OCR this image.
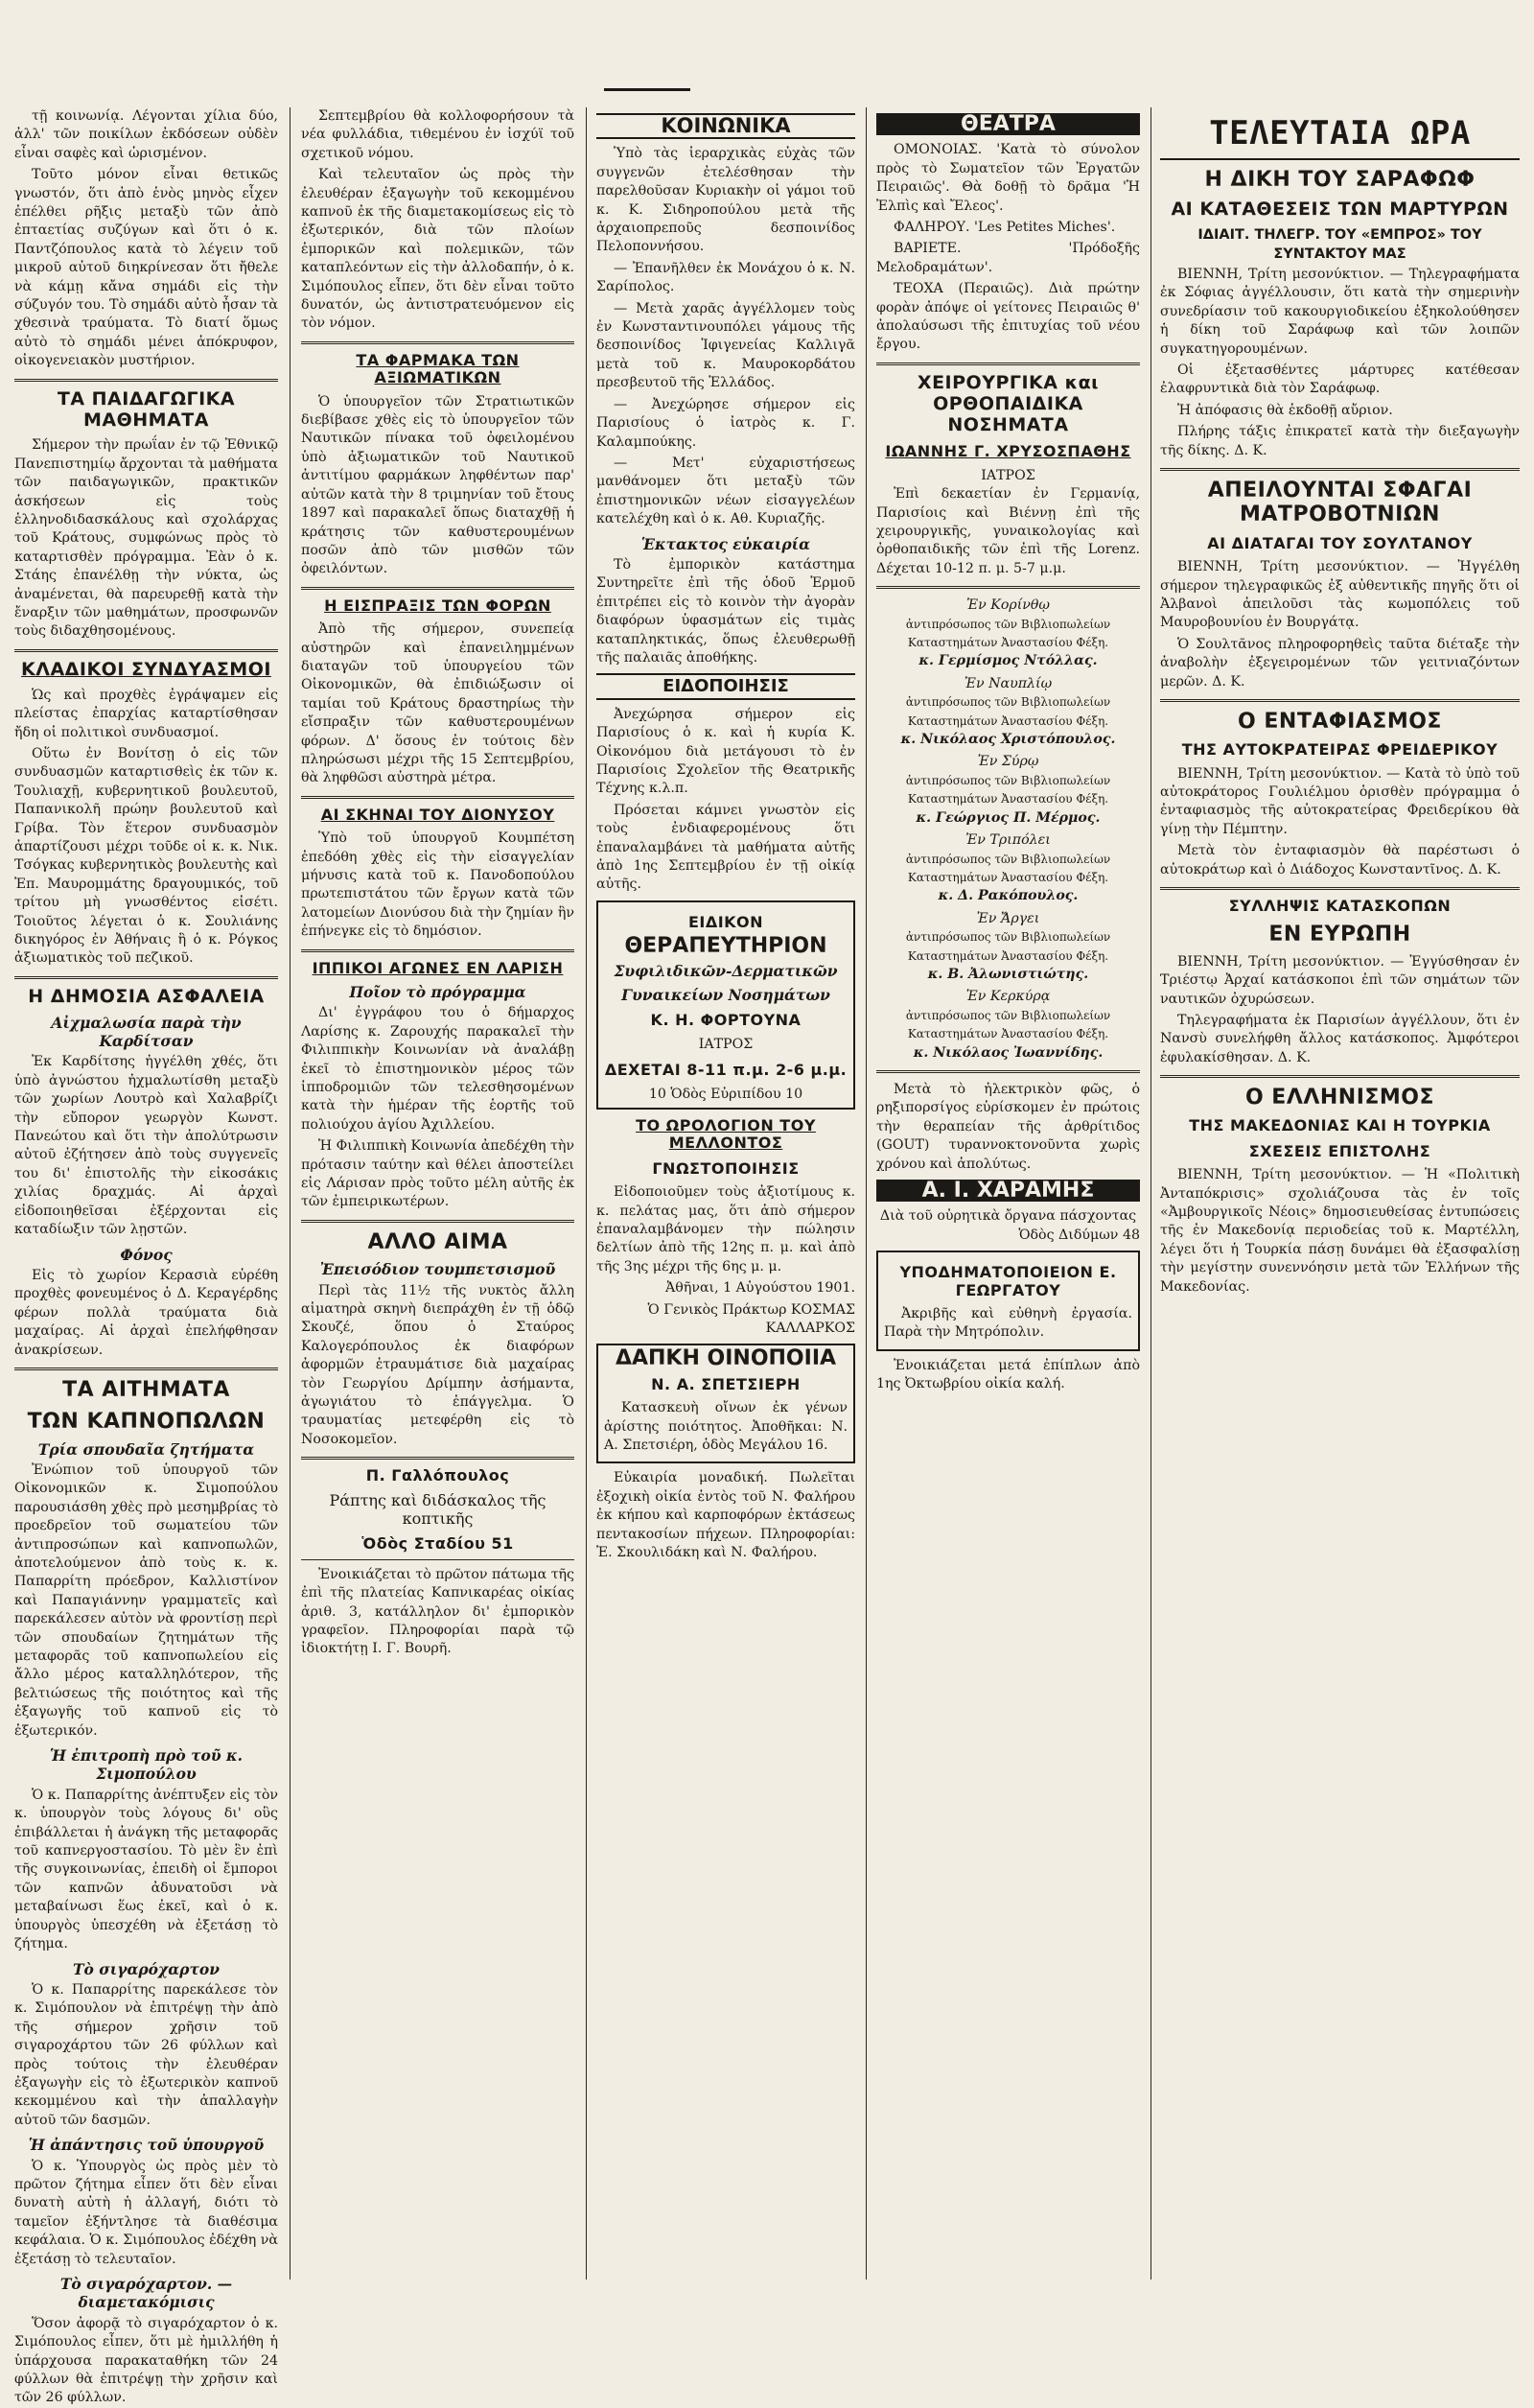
τῇ κοινωνίᾳ. Λέγονται χίλια δύο, ἀλλ' τῶν ποικίλων ἐκδόσεων οὐδὲν εἶναι σαφὲς καὶ ὡρισμένον.

Τοῦτο μόνον εἶναι θετικῶς γνωστόν, ὅτι ἀπὸ ἑνὸς μηνὸς εἶχεν ἐπέλθει ρῆξις μεταξὺ τῶν ἀπὸ ἐπταετίας συζύγων καὶ ὅτι ὁ κ. Παντζόπουλος κατὰ τὸ λέγειν τοῦ μικροῦ αὐτοῦ διηκρίνεσαν ὅτι ἤθελε νὰ κάμῃ κἄνα σημάδι εἰς τὴν σύζυγόν του. Τὸ σημάδι αὐτὸ ἦσαν τὰ χθεσινὰ τραύματα. Τὸ διατί ὅμως αὐτὸ τὸ σημάδι μένει ἀπόκρυφον, οἰκογενειακὸν μυστήριον.

ΤΑ ΠΑΙΔΑΓΩΓΙΚΑ ΜΑΘΗΜΑΤΑ

Σήμερον τὴν πρωΐαν ἐν τῷ Ἐθνικῷ Πανεπιστημίῳ ἄρχονται τὰ μαθήματα τῶν παιδαγωγικῶν, πρακτικῶν ἀσκήσεων εἰς τοὺς ἑλληνοδιδασκάλους καὶ σχολάρχας τοῦ Κράτους, συμφώνως πρὸς τὸ καταρτισθὲν πρόγραμμα. Ἐὰν ὁ κ. Στάης ἐπανέλθῃ τὴν νύκτα, ὡς ἀναμένεται, θὰ παρευρεθῇ κατὰ τὴν ἔναρξιν τῶν μαθημάτων, προσφωνῶν τοὺς διδαχθησομένους.

ΚΛΑΔΙΚΟΙ ΣΥΝΔΥΑΣΜΟΙ

Ὡς καὶ προχθὲς ἐγράψαμεν εἰς πλείστας ἐπαρχίας καταρτίσθησαν ἤδη οἱ πολιτικοὶ συνδυασμοί.

Οὕτω ἐν Βονίτσῃ ὁ εἰς τῶν συνδυασμῶν καταρτισθεὶς ἐκ τῶν κ. Τουλιαχῇ, κυβερνητικοῦ βουλευτοῦ, Παπανικολῆ πρώην βουλευτοῦ καὶ Γρίβα. Τὸν ἕτερον συνδυασμὸν ἀπαρτίζουσι μέχρι τοῦδε οἱ κ. κ. Νικ. Τσόγκας κυβερνητικὸς βουλευτὴς καὶ Ἐπ. Μαυρομμάτης δραγουμικός, τοῦ τρίτου μὴ γνωσθέντος εἰσέτι. Τοιοῦτος λέγεται ὁ κ. Σουλιάνης δικηγόρος ἐν Ἀθήναις ἢ ὁ κ. Ρόγκος ἀξιωματικὸς τοῦ πεζικοῦ.

Η ΔΗΜΟΣΙΑ ΑΣΦΑΛΕΙΑ
Αἰχμαλωσία παρὰ τὴν Καρδίτσαν

Ἐκ Καρδίτσης ἠγγέλθη χθές, ὅτι ὑπὸ ἀγνώστου ἠχμαλωτίσθη μεταξὺ τῶν χωρίων Λουτρὸ καὶ Χαλαβρίζι τὴν εὔπορον γεωργὸν Κωνστ. Πανεώτου καὶ ὅτι τὴν ἀπολύτρωσιν αὐτοῦ ἐζήτησεν ἀπὸ τοὺς συγγενεῖς του δι' ἐπιστολῆς τὴν εἰκοσάκις χιλίας δραχμάς. Αἱ ἀρχαὶ εἰδοποιηθεῖσαι ἐξέρχονται εἰς καταδίωξιν τῶν λῃστῶν.

Φόνος

Εἰς τὸ χωρίον Κερασιὰ εὑρέθη προχθὲς φονευμένος ὁ Δ. Κεραγέρδης φέρων πολλὰ τραύματα διὰ μαχαίρας. Αἱ ἀρχαὶ ἐπελήφθησαν ἀνακρίσεων.

ΤΑ ΑΙΤΗΜΑΤΑ
ΤΩΝ ΚΑΠΝΟΠΩΛΩΝ
Τρία σπουδαῖα ζητήματα

Ἐνώπιον τοῦ ὑπουργοῦ τῶν Οἰκονομικῶν κ. Σιμοπούλου παρουσιάσθη χθὲς πρὸ μεσημβρίας τὸ προεδρεῖον τοῦ σωματείου τῶν ἀντιπροσώπων καὶ καπνοπωλῶν, ἀποτελούμενον ἀπὸ τοὺς κ. κ. Παπαρρίτη πρόεδρον, Καλλιστίνον καὶ Παπαγιάννην γραμματεῖς καὶ παρεκάλεσεν αὐτὸν νὰ φροντίσῃ περὶ τῶν σπουδαίων ζητημάτων τῆς μεταφορᾶς τοῦ καπνοπωλείου εἰς ἄλλο μέρος καταλληλότερον, τῆς βελτιώσεως τῆς ποιότητος καὶ τῆς ἐξαγωγῆς τοῦ καπνοῦ εἰς τὸ ἐξωτερικόν.

Ἡ ἐπιτροπὴ πρὸ τοῦ κ. Σιμοπούλου

Ὁ κ. Παπαρρίτης ἀνέπτυξεν εἰς τὸν κ. ὑπουργὸν τοὺς λόγους δι' οὓς ἐπιβάλλεται ἡ ἀνάγκη τῆς μεταφορᾶς τοῦ καπνεργοστασίου. Τὸ μὲν ἓν ἐπὶ τῆς συγκοινωνίας, ἐπειδὴ οἱ ἔμποροι τῶν καπνῶν ἀδυνατοῦσι νὰ μεταβαίνωσι ἕως ἐκεῖ, καὶ ὁ κ. ὑπουργὸς ὑπεσχέθη νὰ ἐξετάσῃ τὸ ζήτημα.

Τὸ σιγαρόχαρτον

Ὁ κ. Παπαρρίτης παρεκάλεσε τὸν κ. Σιμόπουλον νὰ ἐπιτρέψῃ τὴν ἀπὸ τῆς σήμερον χρῆσιν τοῦ σιγαροχάρτου τῶν 26 φύλλων καὶ πρὸς τούτοις τὴν ἐλευθέραν ἐξαγωγὴν εἰς τὸ ἐξωτερικὸν καπνοῦ κεκομμένου καὶ τὴν ἀπαλλαγὴν αὐτοῦ τῶν δασμῶν.

Ἡ ἀπάντησις τοῦ ὑπουργοῦ

Ὁ κ. Ὑπουργὸς ὡς πρὸς μὲν τὸ πρῶτον ζήτημα εἶπεν ὅτι δὲν εἶναι δυνατὴ αὐτὴ ἡ ἀλλαγή, διότι τὸ ταμεῖον ἐξήντλησε τὰ διαθέσιμα κεφάλαια. Ὁ κ. Σιμόπουλος ἐδέχθη νὰ ἐξετάσῃ τὸ τελευταῖον.

Τὸ σιγαρόχαρτον. — διαμετακόμισις

Ὅσον ἀφορᾷ τὸ σιγαρόχαρτον ὁ κ. Σιμόπουλος εἶπεν, ὅτι μὲ ἠμιλλήθη ἡ ὑπάρχουσα παρακαταθήκη τῶν 24 φύλλων θὰ ἐπιτρέψῃ τὴν χρῆσιν καὶ τῶν 26 φύλλων.

Σεπτεμβρίου θὰ κολλοφορήσουν τὰ νέα φυλλάδια, τιθεμένου ἐν ἰσχύϊ τοῦ σχετικοῦ νόμου.

Καὶ τελευταῖον ὡς πρὸς τὴν ἐλευθέραν ἐξαγωγὴν τοῦ κεκομμένου καπνοῦ ἐκ τῆς διαμετακομίσεως εἰς τὸ ἐξωτερικόν, διὰ τῶν πλοίων ἐμπορικῶν καὶ πολεμικῶν, τῶν καταπλεόντων εἰς τὴν ἀλλοδαπήν, ὁ κ. Σιμόπουλος εἶπεν, ὅτι δὲν εἶναι τοῦτο δυνατόν, ὡς ἀντιστρατευόμενον εἰς τὸν νόμον.

ΤΑ ΦΑΡΜΑΚΑ ΤΩΝ ΑΞΙΩΜΑΤΙΚΩΝ

Ὁ ὑπουργεῖον τῶν Στρατιωτικῶν διεβίβασε χθὲς εἰς τὸ ὑπουργεῖον τῶν Ναυτικῶν πίνακα τοῦ ὀφειλομένου ὑπὸ ἀξιωματικῶν τοῦ Ναυτικοῦ ἀντιτίμου φαρμάκων ληφθέντων παρ' αὐτῶν κατὰ τὴν 8 τριμηνίαν τοῦ ἔτους 1897 καὶ παρακαλεῖ ὅπως διαταχθῇ ἡ κράτησις τῶν καθυστερουμένων ποσῶν ἀπὸ τῶν μισθῶν τῶν ὀφειλόντων.

Η ΕΙΣΠΡΑΞΙΣ ΤΩΝ ΦΟΡΩΝ

Ἀπὸ τῆς σήμερον, συνεπείᾳ αὐστηρῶν καὶ ἐπανειλημμένων διαταγῶν τοῦ ὑπουργείου τῶν Οἰκονομικῶν, θὰ ἐπιδιώξωσιν οἱ ταμίαι τοῦ Κράτους δραστηρίως τὴν εἴσπραξιν τῶν καθυστερουμένων φόρων. Δ' ὅσους ἐν τούτοις δὲν πληρώσωσι μέχρι τῆς 15 Σεπτεμβρίου, θὰ ληφθῶσι αὐστηρὰ μέτρα.

ΑΙ ΣΚΗΝΑΙ ΤΟΥ ΔΙΟΝΥΣΟΥ

Ὑπὸ τοῦ ὑπουργοῦ Κουμπέτση ἐπεδόθη χθὲς εἰς τὴν εἰσαγγελίαν μήνυσις κατὰ τοῦ κ. Πανοδοπούλου πρωτεπιστάτου τῶν ἔργων κατὰ τῶν λατομείων Διονύσου διὰ τὴν ζημίαν ἣν ἐπήνεγκε εἰς τὸ δημόσιον.

ΙΠΠΙΚΟΙ ΑΓΩΝΕΣ ΕΝ ΛΑΡΙΣΗ
Ποῖον τὸ πρόγραμμα

Δι' ἐγγράφου του ὁ δήμαρχος Λαρίσης κ. Ζαρουχής παρακαλεῖ τὴν Φιλιππικὴν Κοινωνίαν νὰ ἀναλάβῃ ἐκεῖ τὸ ἐπιστημονικὸν μέρος τῶν ἱπποδρομιῶν τῶν τελεσθησομένων κατὰ τὴν ἡμέραν τῆς ἑορτῆς τοῦ πολιούχου ἁγίου Ἀχιλλείου.

Ἡ Φιλιππικὴ Κοινωνία ἀπεδέχθη τὴν πρότασιν ταύτην καὶ θέλει ἀποστείλει εἰς Λάρισαν πρὸς τοῦτο μέλη αὐτῆς ἐκ τῶν ἐμπειρικωτέρων.

ΑΛΛΟ ΑΙΜΑ
Ἐπεισόδιον τουμπετσισμοῦ

Περὶ τὰς 11½ τῆς νυκτὸς ἄλλη αἱματηρὰ σκηνὴ διεπράχθη ἐν τῇ ὁδῷ Σκουζέ, ὅπου ὁ Σταύρος Καλογερόπουλος ἐκ διαφόρων ἀφορμῶν ἐτραυμάτισε διὰ μαχαίρας τὸν Γεωργίου Δρίμπην ἀσήμαντα, ἀγωγιάτου τὸ ἐπάγγελμα. Ὁ τραυματίας μετεφέρθη εἰς τὸ Νοσοκομεῖον.

Π. Γαλλόπουλος
Ράπτης καὶ διδάσκαλος τῆς κοπτικῆς
Ὁδὸς Σταδίου 51

Ἐνοικιάζεται τὸ πρῶτον πάτωμα τῆς ἐπὶ τῆς πλατείας Καπνικαρέας οἰκίας ἀριθ. 3, κατάλληλον δι' ἐμπορικὸν γραφεῖον. Πληροφορίαι παρὰ τῷ ἰδιοκτήτῃ Ι. Γ. Βουρῆ.

ΚΟΙΝΩΝΙΚΑ

Ὑπὸ τὰς ἱεραρχικὰς εὐχὰς τῶν συγγενῶν ἐτελέσθησαν τὴν παρελθοῦσαν Κυριακὴν οἱ γάμοι τοῦ κ. Κ. Σιδηροπούλου μετὰ τῆς ἀρχαιοπρεποῦς δεσποινίδος Πελοποννήσου.

— Ἐπανῆλθεν ἐκ Μονάχου ὁ κ. Ν. Σαρίπολος.

— Μετὰ χαρᾶς ἀγγέλλομεν τοὺς ἐν Κωνσταντινουπόλει γάμους τῆς δεσποινίδος Ἰφιγενείας Καλλιγᾶ μετὰ τοῦ κ. Μαυροκορδάτου πρεσβευτοῦ τῆς Ἑλλάδος.

— Ἀνεχώρησε σήμερον εἰς Παρισίους ὁ ἰατρὸς κ. Γ. Καλαμπούκης.

— Μετ' εὐχαριστήσεως μανθάνομεν ὅτι μεταξὺ τῶν ἐπιστημονικῶν νέων εἰσαγγελέων κατελέχθη καὶ ὁ κ. Αθ. Κυριαζῆς.

Ἑκτακτος εὐκαιρία

Τὸ ἐμπορικὸν κατάστημα Συντηρεῖτε ἐπὶ τῆς ὁδοῦ Ἑρμοῦ ἐπιτρέπει εἰς τὸ κοινὸν τὴν ἀγορὰν διαφόρων ὑφασμάτων εἰς τιμὰς καταπληκτικάς, ὅπως ἐλευθερωθῇ τῆς παλαιᾶς ἀποθήκης.

ΕΙΔΟΠΟΙΗΣΙΣ

Ἀνεχώρησα σήμερον εἰς Παρισίους ὁ κ. καὶ ἡ κυρία Κ. Οἰκονόμου διὰ μετάγουσι τὸ ἐν Παρισίοις Σχολεῖον τῆς Θεατρικῆς Τέχνης κ.λ.π.

Πρόσεται κάμνει γνωστὸν εἰς τοὺς ἐνδιαφερομένους ὅτι ἐπαναλαμβάνει τὰ μαθήματα αὐτῆς ἀπὸ 1ης Σεπτεμβρίου ἐν τῇ οἰκίᾳ αὐτῆς.

ΕΙΔΙΚΟΝ
ΘΕΡΑΠΕΥΤΗΡΙΟΝ
Συφιλιδικῶν-Δερματικῶν
Γυναικείων Νοσημάτων
Κ. Η. ΦΟΡΤΟΥΝΑ
ΙΑΤΡΟΣ
ΔΕΧΕΤΑΙ 8-11 π.μ. 2-6 μ.μ.
10 Ὁδὸς Εὐριπίδου 10
ΤΟ ΩΡΟΛΟΓΙΟΝ ΤΟΥ ΜΕΛΛΟΝΤΟΣ
ΓΝΩΣΤΟΠΟΙΗΣΙΣ

Εἰδοποιοῦμεν τοὺς ἀξιοτίμους κ. κ. πελάτας μας, ὅτι ἀπὸ σήμερον ἐπαναλαμβάνομεν τὴν πώλησιν δελτίων ἀπὸ τῆς 12ης π. μ. καὶ ἀπὸ τῆς 3ης μέχρι τῆς 6ης μ. μ.

Ἀθῆναι, 1 Αὐγούστου 1901.

Ὁ Γενικὸς Πράκτωρ ΚΟΣΜΑΣ ΚΑΛΛΑΡΚΟΣ

ΔΑΠΚΗ ΟΙΝΟΠΟΙΙΑ
Ν. Α. ΣΠΕΤΣΙΕΡΗ

Κατασκευὴ οἴνων ἐκ γένων ἀρίστης ποιότητος. Ἀποθῆκαι: Ν. Α. Σπετσιέρη, ὁδὸς Μεγάλου 16.

Εὐκαιρία μοναδική. Πωλεῖται ἐξοχικὴ οἰκία ἐντὸς τοῦ Ν. Φαλήρου ἐκ κήπου καὶ καρποφόρων ἐκτάσεως πεντακοσίων πήχεων. Πληροφορίαι: Ἐ. Σκουλιδάκη καὶ Ν. Φαλήρου.

ΘΕΑΤΡΑ

ΟΜΟΝΟΙΑΣ. 'Κατὰ τὸ σύνολον πρὸς τὸ Σωματεῖον τῶν Ἐργατῶν Πειραιῶς'. Θὰ δοθῇ τὸ δρᾶμα 'Ἡ Ἐλπὶς καὶ Ἔλεος'.

ΦΑΛΗΡΟΥ. 'Les Petites Miches'.

ΒΑΡΙΕΤΕ. 'Πρόδοξῆς Μελοδραμάτων'.

ΤΕΟΧΑ (Περαιῶς). Διὰ πρώτην φορὰν ἀπόψε οἱ γείτονες Πειραιῶς θ' ἀπολαύσωσι τῆς ἐπιτυχίας τοῦ νέου ἔργου.

ΧΕΙΡΟΥΡΓΙΚΑ και ΟΡΘΟΠΑΙΔΙΚΑ ΝΟΣΗΜΑΤΑ
ΙΩΑΝΝΗΣ Γ. ΧΡΥΣΟΣΠΑΘΗΣ
ΙΑΤΡΟΣ

Ἐπὶ δεκαετίαν ἐν Γερμανίᾳ, Παρισίοις καὶ Βιέννῃ ἐπὶ τῆς χειρουργικῆς, γυναικολογίας καὶ ὀρθοπαιδικῆς τῶν ἐπὶ τῆς Lorenz. Δέχεται 10-12 π. μ. 5-7 μ.μ.

Ἐν Κορίνθῳ
ἀντιπρόσωπος τῶν Βιβλιοπωλείων Καταστημάτων Ἀναστασίου Φέξη.
κ. Γερμίσμος Ντόλλας.
Ἐν Ναυπλίῳ
ἀντιπρόσωπος τῶν Βιβλιοπωλείων Καταστημάτων Ἀναστασίου Φέξη.
κ. Νικόλαος Χριστόπουλος.
Ἐν Σύρῳ
ἀντιπρόσωπος τῶν Βιβλιοπωλείων Καταστημάτων Ἀναστασίου Φέξη.
κ. Γεώργιος Π. Μέρμος.
Ἐν Τριπόλει
ἀντιπρόσωπος τῶν Βιβλιοπωλείων Καταστημάτων Ἀναστασίου Φέξη.
κ. Δ. Ρακόπουλος.
Ἐν Ἄργει
ἀντιπρόσωπος τῶν Βιβλιοπωλείων Καταστημάτων Ἀναστασίου Φέξη.
κ. Β. Ἀλωνιστιώτης.
Ἐν Κερκύρᾳ
ἀντιπρόσωπος τῶν Βιβλιοπωλείων Καταστημάτων Ἀναστασίου Φέξη.
κ. Νικόλαος Ἰωαννίδης.

Μετὰ τὸ ἠλεκτρικὸν φῶς, ὁ ρηξιπορσίγος εὑρίσκομεν ἐν πρώτοις τὴν θεραπείαν τῆς ἀρθρίτιδος (GOUT) τυραννοκτονοῦντα χωρὶς χρόνου καὶ ἀπολύτως.

Α. Ι. ΧΑΡΑΜΗΣ
Διὰ τοῦ οὐρητικὰ ὄργανα πάσχοντας
Ὁδὸς Διδύμων 48
ΥΠΟΔΗΜΑΤΟΠΟΙΕΙΟΝ Ε. ΓΕΩΡΓΑΤΟΥ

Ἀκριβῆς καὶ εὐθηνὴ ἐργασία. Παρὰ τὴν Μητρόπολιν.

Ἐνοικιάζεται μετά ἐπίπλων ἀπὸ 1ης Ὀκτωβρίου οἰκία καλή.

ΤΕΛΕΥΤΑΙΑ ΩΡΑ
Η ΔΙΚΗ ΤΟΥ ΣΑΡΑΦΩΦ
ΑΙ ΚΑΤΑΘΕΣΕΙΣ ΤΩΝ ΜΑΡΤΥΡΩΝ
ΙΔΙΑΙΤ. ΤΗΛΕΓΡ. ΤΟΥ «ΕΜΠΡΟΣ» ΤΟΥ ΣΥΝΤΑΚΤΟΥ ΜΑΣ

ΒΙΕΝΝΗ, Τρίτη μεσονύκτιον. — Τηλεγραφήματα ἐκ Σόφιας ἀγγέλλουσιν, ὅτι κατὰ τὴν σημερινὴν συνεδρίασιν τοῦ κακουργιοδικείου ἐξηκολούθησεν ἡ δίκη τοῦ Σαράφωφ καὶ τῶν λοιπῶν συγκατηγορουμένων.

Οἱ ἐξετασθέντες μάρτυρες κατέθεσαν ἐλαφρυντικὰ διὰ τὸν Σαράφωφ.

Ἡ ἀπόφασις θὰ ἐκδοθῇ αὔριον.

Πλήρης τάξις ἐπικρατεῖ κατὰ τὴν διεξαγωγὴν τῆς δίκης. Δ. Κ.

ΑΠΕΙΛΟΥΝΤΑΙ ΣΦΑΓΑΙ ΜΑΤΡΟΒΟΤΝΙΩΝ
ΑΙ ΔΙΑΤΑΓΑΙ ΤΟΥ ΣΟΥΛΤΑΝΟΥ

ΒΙΕΝΝΗ, Τρίτη μεσονύκτιον. — Ἠγγέλθη σήμερον τηλεγραφικῶς ἐξ αὐθεντικῆς πηγῆς ὅτι οἱ Ἀλβανοὶ ἀπειλοῦσι τὰς κωμοπόλεις τοῦ Μαυροβουνίου ἐν Βουργάτᾳ.

Ὁ Σουλτᾶνος πληροφορηθεὶς ταῦτα διέταξε τὴν ἀναβολὴν ἐξεγειρομένων τῶν γειτνιαζόντων μερῶν. Δ. Κ.

Ο ΕΝΤΑΦΙΑΣΜΟΣ
ΤΗΣ ΑΥΤΟΚΡΑΤΕΙΡΑΣ ΦΡΕΙΔΕΡΙΚΟΥ

ΒΙΕΝΝΗ, Τρίτη μεσονύκτιον. — Κατὰ τὸ ὑπὸ τοῦ αὐτοκράτορος Γουλιέλμου ὁρισθὲν πρόγραμμα ὁ ἐνταφιασμὸς τῆς αὐτοκρατείρας Φρειδερίκου θὰ γίνῃ τὴν Πέμπτην.

Μετὰ τὸν ἐνταφιασμὸν θὰ παρέστωσι ὁ αὐτοκράτωρ καὶ ὁ Διάδοχος Κωνσταντῖνος. Δ. Κ.

ΣΥΛΛΗΨΙΣ ΚΑΤΑΣΚΟΠΩΝ
ΕΝ ΕΥΡΩΠΗ

ΒΙΕΝΝΗ, Τρίτη μεσονύκτιον. — Ἐγγύσθησαν ἐν Τριέστῳ Ἀρχαί κατάσκοποι ἐπὶ τῶν σημάτων τῶν ναυτικῶν ὀχυρώσεων.

Τηλεγραφήματα ἐκ Παρισίων ἀγγέλλουν, ὅτι ἐν Νανσὺ συνελήφθη ἄλλος κατάσκοπος. Ἀμφότεροι ἐφυλακίσθησαν. Δ. Κ.

Ο ΕΛΛΗΝΙΣΜΟΣ
ΤΗΣ ΜΑΚΕΔΟΝΙΑΣ ΚΑΙ Η ΤΟΥΡΚΙΑ
ΣΧΕΣΕΙΣ ΕΠΙΣΤΟΛΗΣ

ΒΙΕΝΝΗ, Τρίτη μεσονύκτιον. — Ἡ «Πολιτικὴ Ἀνταπόκρισις» σχολιάζουσα τὰς ἐν τοῖς «Ἀμβουργικοῖς Νέοις» δημοσιευθείσας ἐντυπώσεις τῆς ἐν Μακεδονίᾳ περιοδείας τοῦ κ. Μαρτέλλη, λέγει ὅτι ἡ Τουρκία πάσῃ δυνάμει θὰ ἐξασφαλίσῃ τὴν μεγίστην συνεννόησιν μετὰ τῶν Ἑλλήνων τῆς Μακεδονίας.
